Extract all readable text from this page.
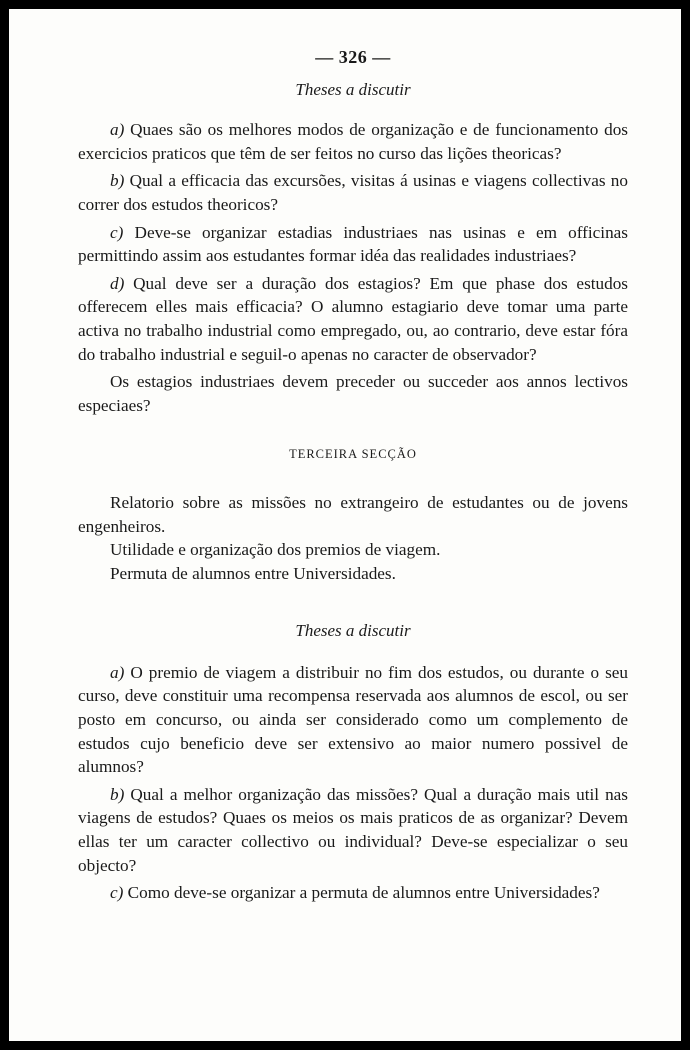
— 326 —
Theses a discutir

a) Quaes são os melhores modos de organização e de funcionamento dos exercicios praticos que têm de ser feitos no curso das lições theoricas?

b) Qual a efficacia das excursões, visitas á usinas e viagens collectivas no correr dos estudos theoricos?

c) Deve-se organizar estadias industriaes nas usinas e em officinas permittindo assim aos estudantes formar idéa das realidades industriaes?

d) Qual deve ser a duração dos estagios? Em que phase dos estudos offerecem elles mais efficacia? O alumno estagiario deve tomar uma parte activa no trabalho industrial como empregado, ou, ao contrario, deve estar fóra do trabalho industrial e seguil-o apenas no caracter de observador?

Os estagios industriaes devem preceder ou succeder aos annos lectivos especiaes?

TERCEIRA SECÇÃO

Relatorio sobre as missões no extrangeiro de estudantes ou de jovens engenheiros.

Utilidade e organização dos premios de viagem.

Permuta de alumnos entre Universidades.

Theses a discutir

a) O premio de viagem a distribuir no fim dos estudos, ou durante o seu curso, deve constituir uma recompensa reservada aos alumnos de escol, ou ser posto em concurso, ou ainda ser considerado como um complemento de estudos cujo beneficio deve ser extensivo ao maior numero possivel de alumnos?

b) Qual a melhor organização das missões? Qual a duração mais util nas viagens de estudos? Quaes os meios os mais praticos de as organizar? Devem ellas ter um caracter collectivo ou individual? Deve-se especializar o seu objecto?

c) Como deve-se organizar a permuta de alumnos entre Universidades?
